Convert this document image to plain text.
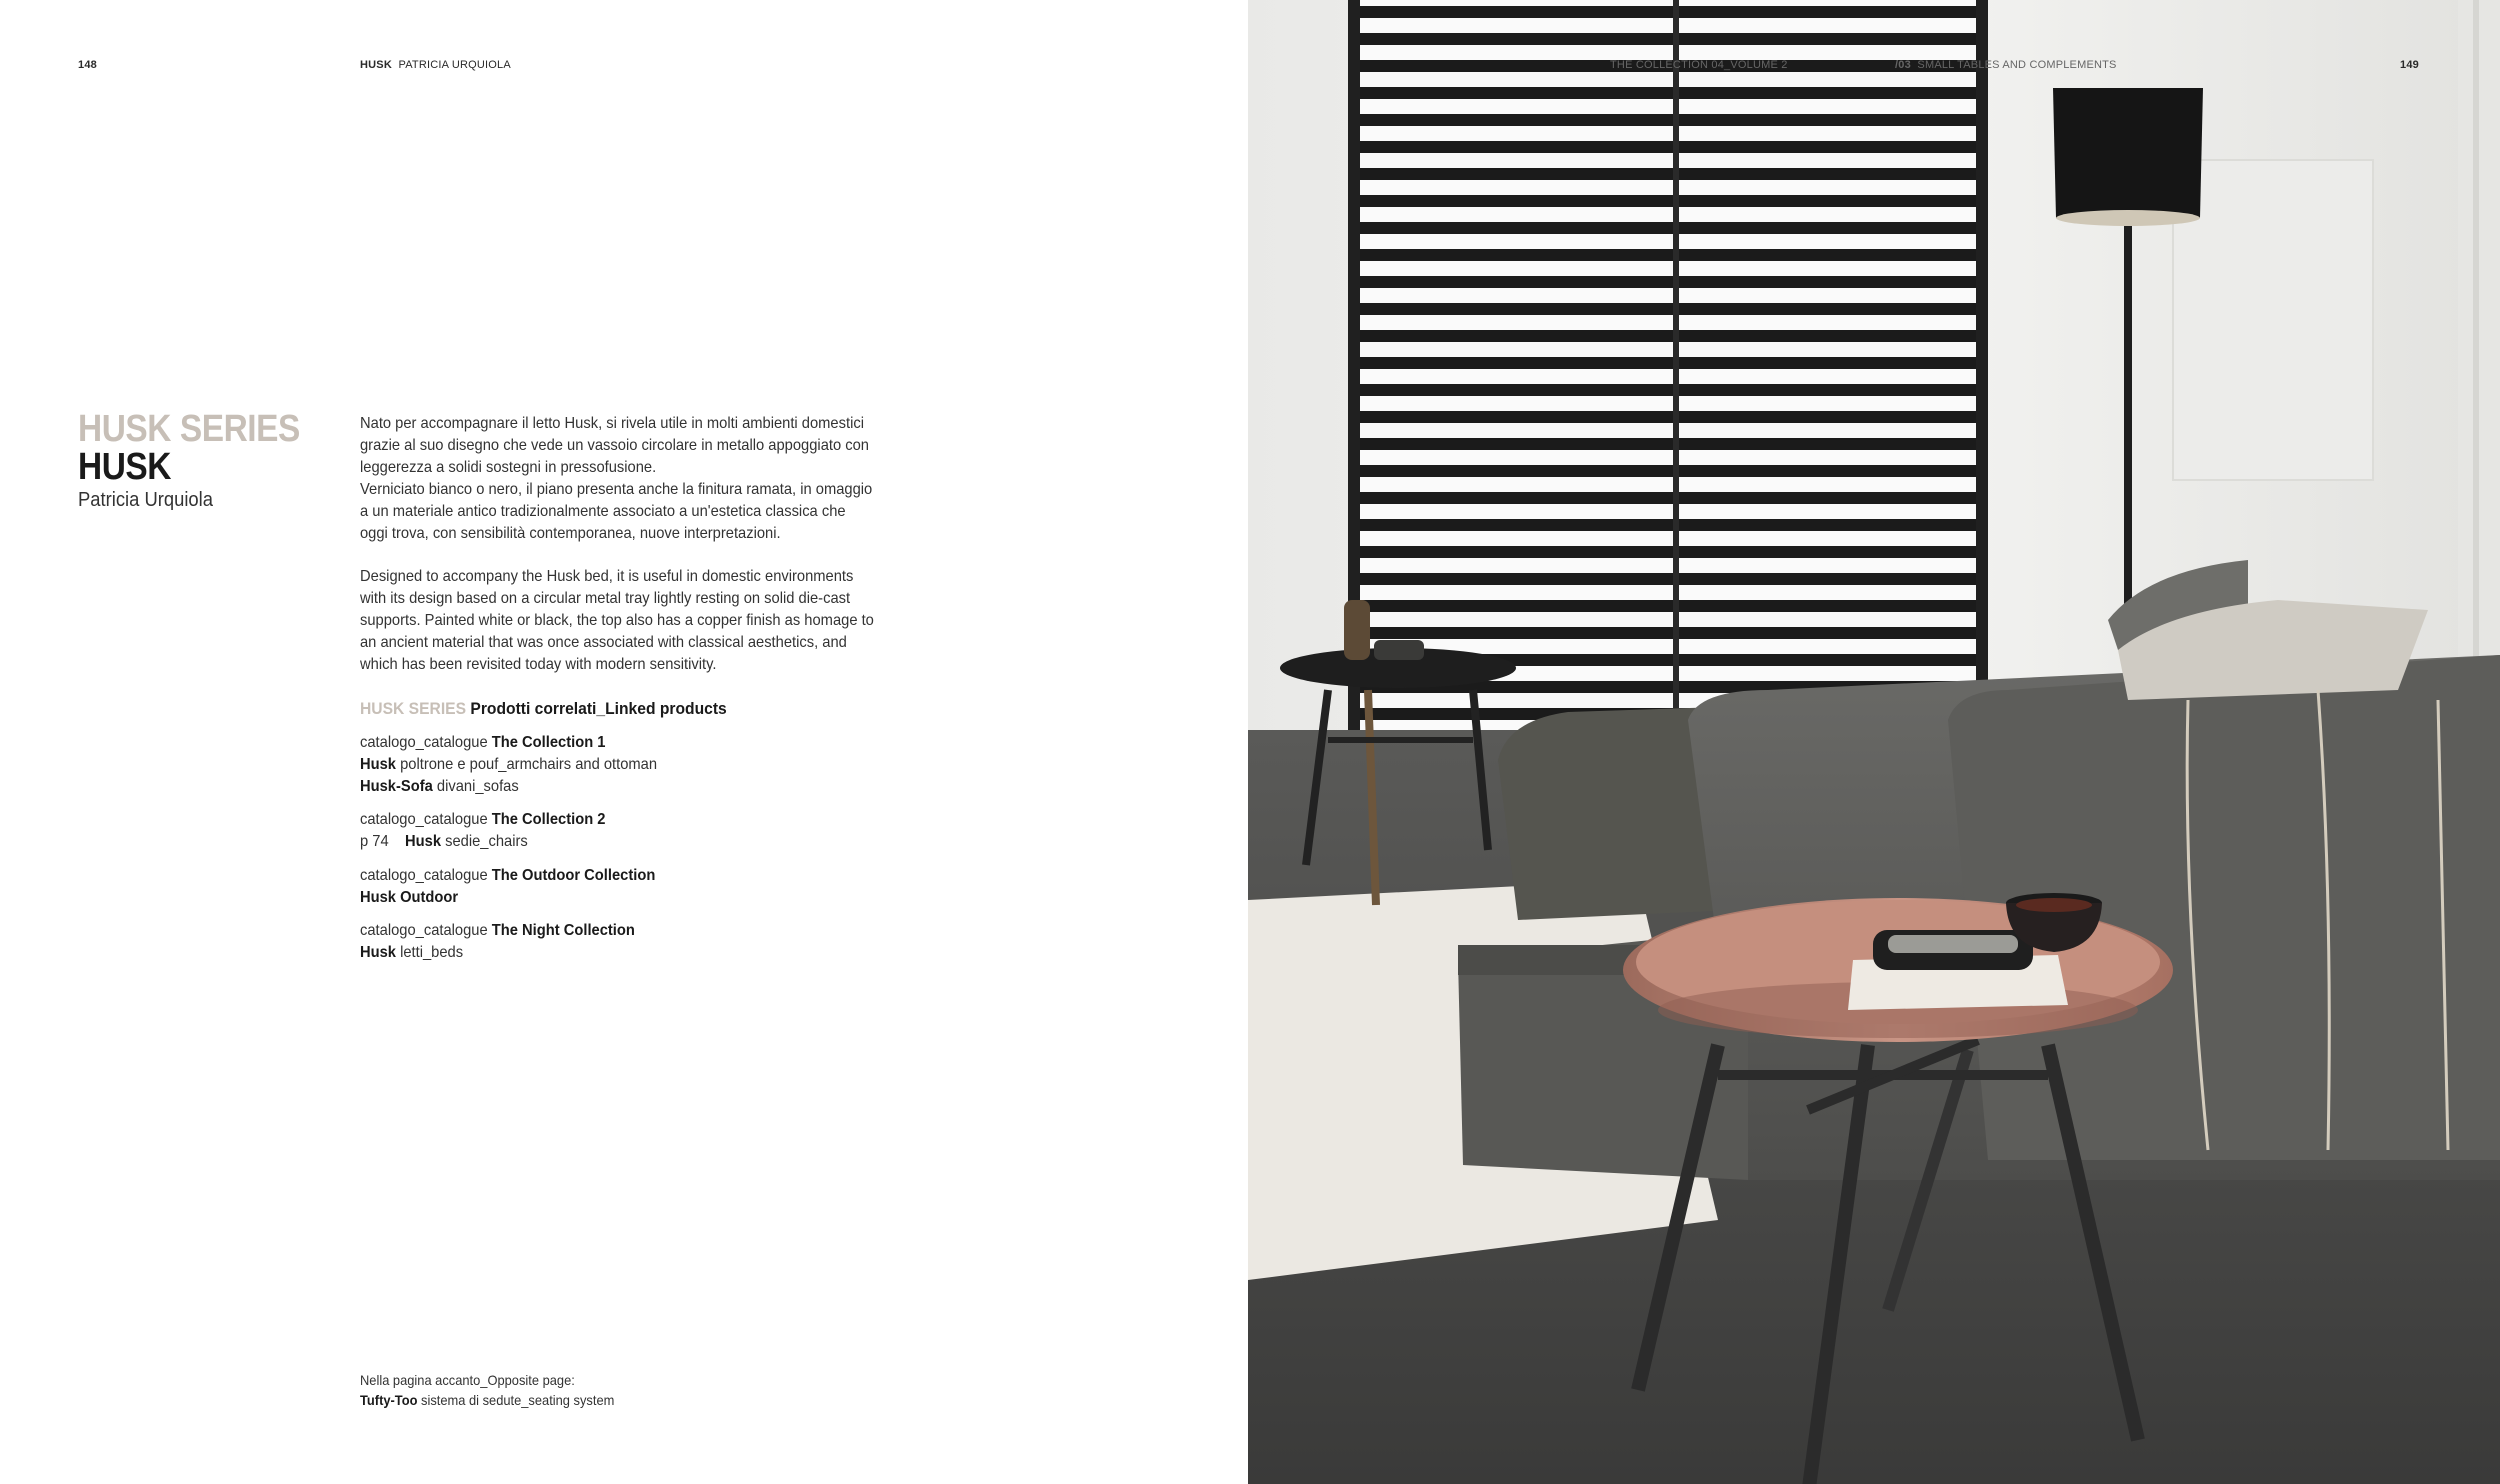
148	HUSK PATRICIA URQUIOLA
HUSK SERIES
HUSK
Patricia Urquiola

Nato per accompagnare il letto Husk, si rivela utile in molti ambienti domestici grazie al suo disegno che vede un vassoio circolare in metallo appoggiato con leggerezza a solidi sostegni in pressofusione.

Verniciato bianco o nero, il piano presenta anche la finitura ramata, in omaggio a un materiale antico tradizionalmente associato a un'estetica classica che oggi trova, con sensibilità contemporanea, nuove interpretazioni.

Designed to accompany the Husk bed, it is useful in domestic environments with its design based on a circular metal tray lightly resting on solid die-cast supports. Painted white or black, the top also has a copper finish as homage to an ancient material that was once associated with classical aesthetics, and which has been revisited today with modern sensitivity.

HUSK SERIES Prodotti correlati_Linked products
catalogo_catalogue The Collection 1
Husk poltrone e pouf_armchairs and ottoman
Husk-Sofa divani_sofas
catalogo_catalogue The Collection 2
p 74 Husk sedie_chairs
catalogo_catalogue The Outdoor Collection
Husk Outdoor
catalogo_catalogue The Night Collection
Husk letti_beds
Nella pagina accanto_Opposite page:
Tufty-Too sistema di sedute_seating system
THE COLLECTION 04_VOLUME 2	/03 SMALL TABLES AND COMPLEMENTS	149
